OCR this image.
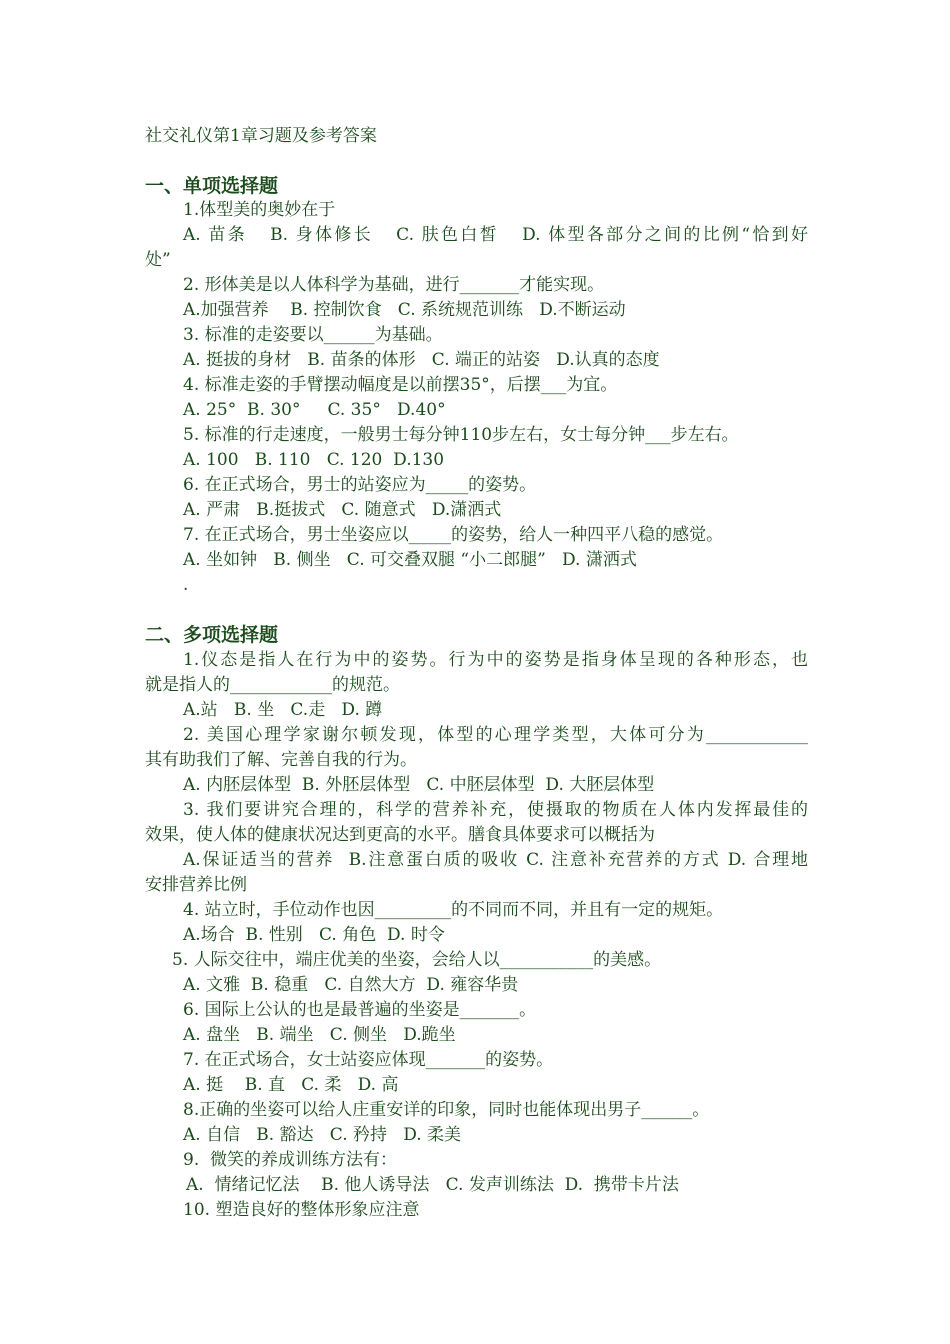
社交礼仪第1章习题及参考答案
一、单项选择题
1.体型美的奥妙在于
A. 苗条   B. 身体修长   C. 肤色白皙   D. 体型各部分之间的比例“恰到好
处”
2. 形体美是以人体科学为基础，进行_______才能实现。
A.加强营养    B. 控制饮食   C. 系统规范训练   D.不断运动
3. 标准的走姿要以______为基础。
A. 挺拔的身材   B. 苗条的体形   C. 端正的站姿   D.认真的态度
4. 标准走姿的手臂摆动幅度是以前摆35°，后摆___为宜。
A. 25°  B. 30°     C. 35°   D.40°
5. 标准的行走速度，一般男士每分钟110步左右，女士每分钟___步左右。
A. 100   B. 110   C. 120  D.130
6. 在正式场合，男士的站姿应为_____的姿势。
A. 严肃   B.挺拔式   C. 随意式   D.潇洒式
7. 在正式场合，男士坐姿应以_____的姿势，给人一种四平八稳的感觉。
A. 坐如钟   B. 侧坐   C. 可交叠双腿 “小二郎腿”   D. 潇洒式
.
二、多项选择题
1.仪态是指人在行为中的姿势。行为中的姿势是指身体呈现的各种形态，也
就是指人的____________的规范。
A.站   B. 坐   C.走   D. 蹲
2. 美国心理学家谢尔顿发现，体型的心理学类型，大体可分为____________
其有助我们了解、完善自我的行为。
A. 内胚层体型  B. 外胚层体型   C. 中胚层体型  D. 大胚层体型
3. 我们要讲究合理的，科学的营养补充，使摄取的物质在人体内发挥最佳的
效果，使人体的健康状况达到更高的水平。膳食具体要求可以概括为
A.保证适当的营养  B.注意蛋白质的吸收 C. 注意补充营养的方式 D. 合理地
安排营养比例
4. 站立时，手位动作也因_________的不同而不同，并且有一定的规矩。
A.场合  B. 性别   C. 角色  D. 时令
5. 人际交往中，端庄优美的坐姿，会给人以___________的美感。
A. 文雅  B. 稳重   C. 自然大方  D. 雍容华贵
6. 国际上公认的也是最普遍的坐姿是_______。
A. 盘坐   B. 端坐   C. 侧坐   D.跪坐
7. 在正式场合，女士站姿应体现_______的姿势。
A. 挺    B. 直   C. 柔   D. 高
8.正确的坐姿可以给人庄重安详的印象，同时也能体现出男子______。
A. 自信   B. 豁达   C. 矜持   D. 柔美
9.  微笑的养成训练方法有：
A.  情绪记忆法    B. 他人诱导法   C. 发声训练法  D.  携带卡片法
10. 塑造良好的整体形象应注意
